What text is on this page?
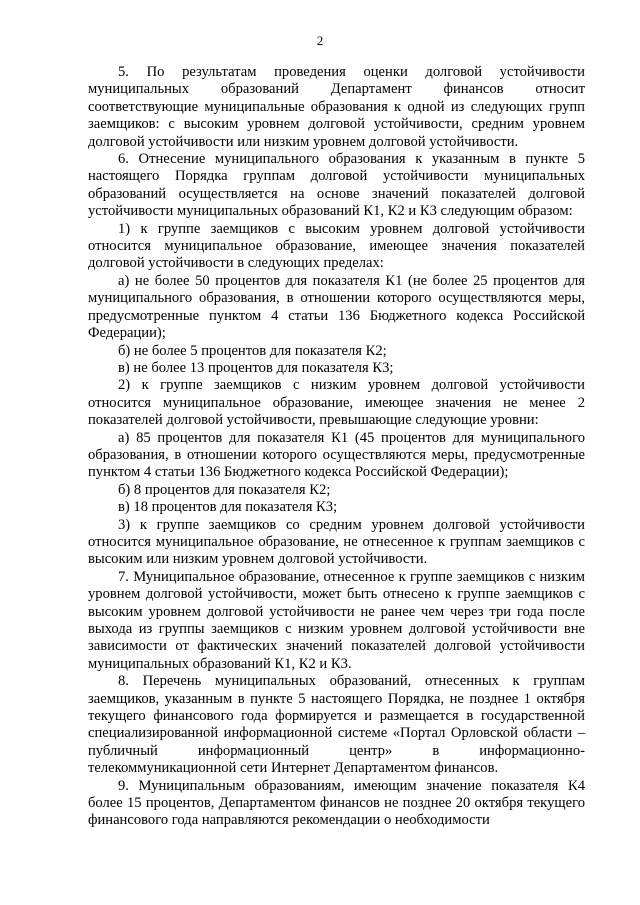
2

5. По результатам проведения оценки долговой устойчивости муниципальных образований Департамент финансов относит соответствующие муниципальные образования к одной из следующих групп заемщиков: с высоким уровнем долговой устойчивости, средним уровнем долговой устойчивости или низким уровнем долговой устойчивости.

6. Отнесение муниципального образования к указанным в пункте 5 настоящего Порядка группам долговой устойчивости муниципальных образований осуществляется на основе значений показателей долговой устойчивости муниципальных образований К1, К2 и К3 следующим образом:

1) к группе заемщиков с высоким уровнем долговой устойчивости относится муниципальное образование, имеющее значения показателей долговой устойчивости в следующих пределах:

а) не более 50 процентов для показателя К1 (не более 25 процентов для муниципального образования, в отношении которого осуществляются меры, предусмотренные пунктом 4 статьи 136 Бюджетного кодекса Российской Федерации);

б) не более 5 процентов для показателя К2;

в) не более 13 процентов для показателя К3;

2) к группе заемщиков с низким уровнем долговой устойчивости относится муниципальное образование, имеющее значения не менее 2 показателей долговой устойчивости, превышающие следующие уровни:

а) 85 процентов для показателя К1 (45 процентов для муниципального образования, в отношении которого осуществляются меры, предусмотренные пунктом 4 статьи 136 Бюджетного кодекса Российской Федерации);

б) 8 процентов для показателя К2;

в) 18 процентов для показателя К3;

3) к группе заемщиков со средним уровнем долговой устойчивости относится муниципальное образование, не отнесенное к группам заемщиков с высоким или низким уровнем долговой устойчивости.

7. Муниципальное образование, отнесенное к группе заемщиков с низким уровнем долговой устойчивости, может быть отнесено к группе заемщиков с высоким уровнем долговой устойчивости не ранее чем через три года после выхода из группы заемщиков с низким уровнем долговой устойчивости вне зависимости от фактических значений показателей долговой устойчивости муниципальных образований К1, К2 и К3.

8. Перечень муниципальных образований, отнесенных к группам заемщиков, указанным в пункте 5 настоящего Порядка, не позднее 1 октября текущего финансового года формируется и размещается в государственной специализированной информационной системе «Портал Орловской области – публичный информационный центр» в информационно-телекоммуникационной сети Интернет Департаментом финансов.

9. Муниципальным образованиям, имеющим значение показателя К4 более 15 процентов, Департаментом финансов не позднее 20 октября текущего финансового года направляются рекомендации о необходимости
